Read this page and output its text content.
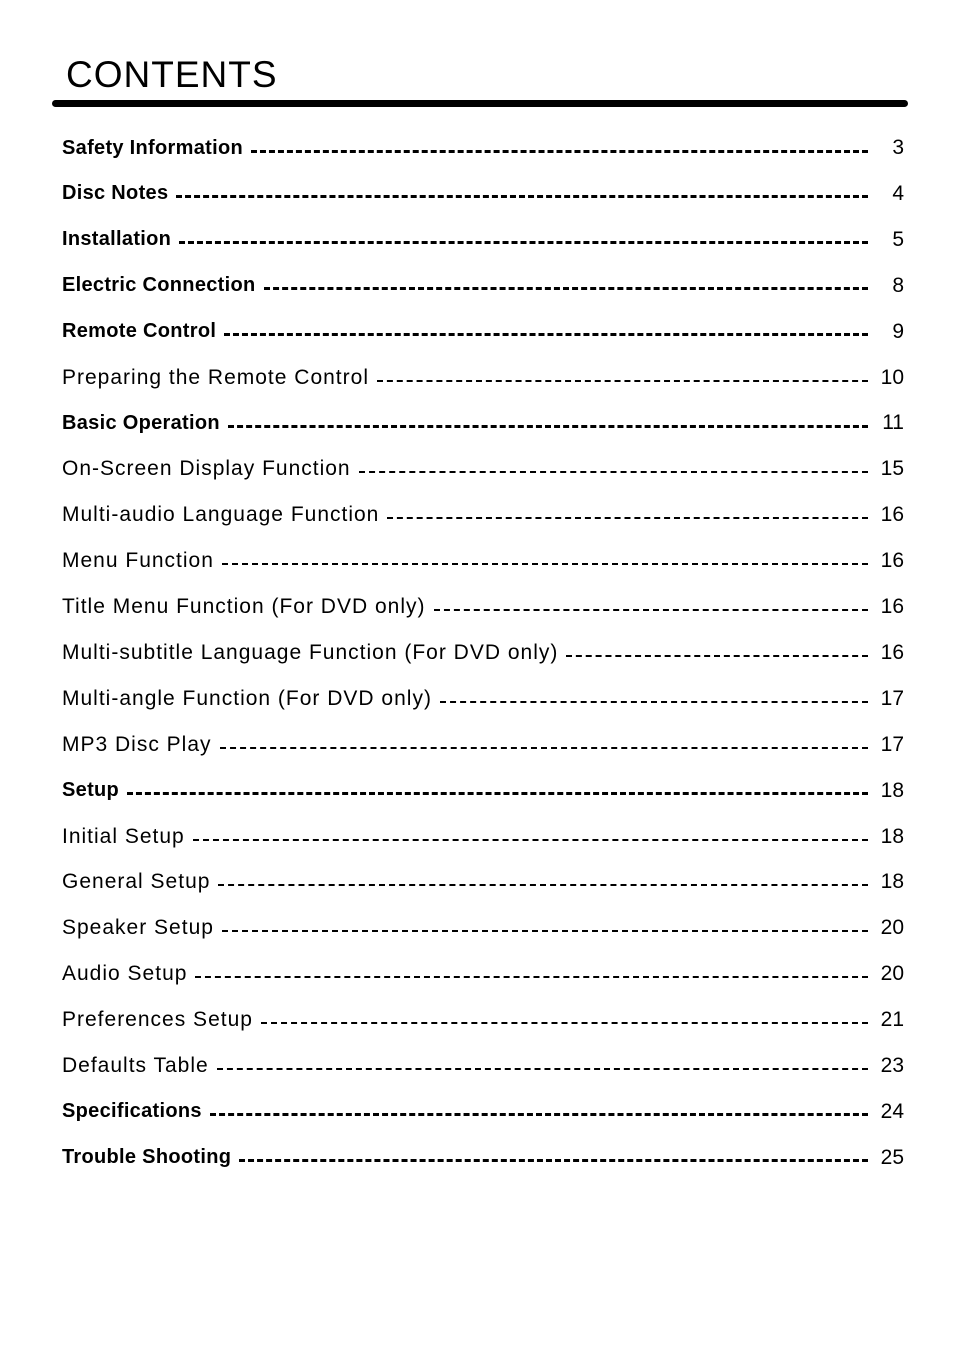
CONTENTS
Safety Information	3
Disc Notes	4
Installation	5
Electric Connection	8
Remote Control	9
Preparing the Remote Control	10
Basic Operation	11
On-Screen Display Function	15
Multi-audio Language Function	16
Menu Function	16
Title Menu Function (For DVD only)	16
Multi-subtitle Language Function (For DVD only)	16
Multi-angle Function (For DVD only)	17
MP3 Disc Play	17
Setup	18
Initial Setup	18
General Setup	18
Speaker Setup	20
Audio Setup	20
Preferences Setup	21
Defaults Table	23
Specifications	24
Trouble Shooting	25
